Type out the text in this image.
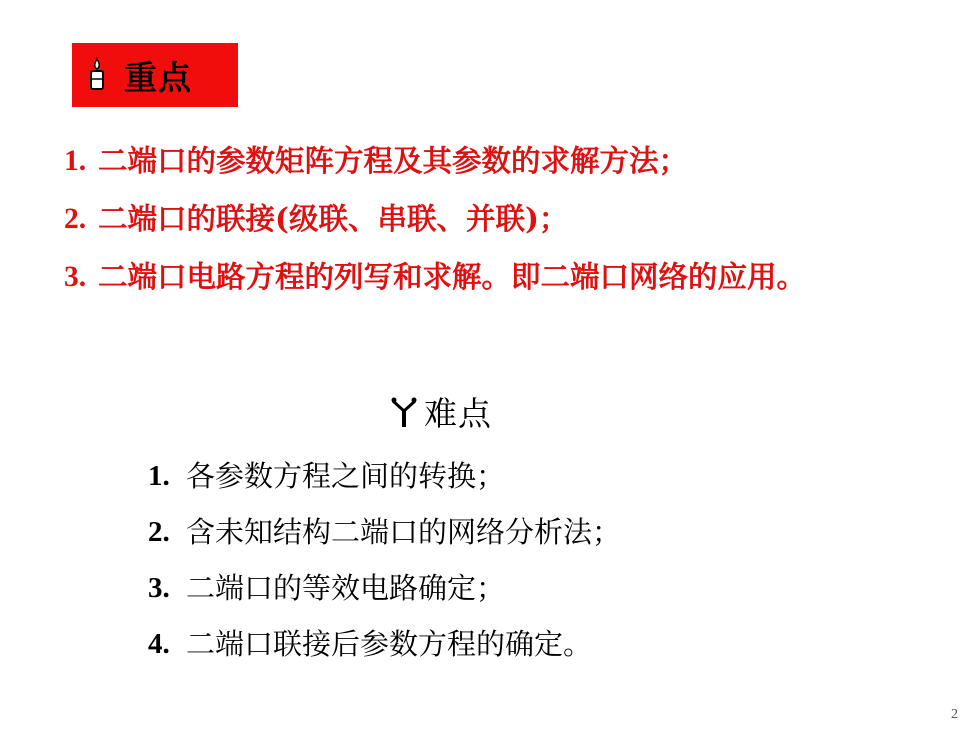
重点
1. 二端口的参数矩阵方程及其参数的求解方法；
2. 二端口的联接(级联、串联、并联)；
3. 二端口电路方程的列写和求解。即二端口网络的应用。
难点
1. 各参数方程之间的转换；
2. 含未知结构二端口的网络分析法；
3. 二端口的等效电路确定；
4. 二端口联接后参数方程的确定。
2
